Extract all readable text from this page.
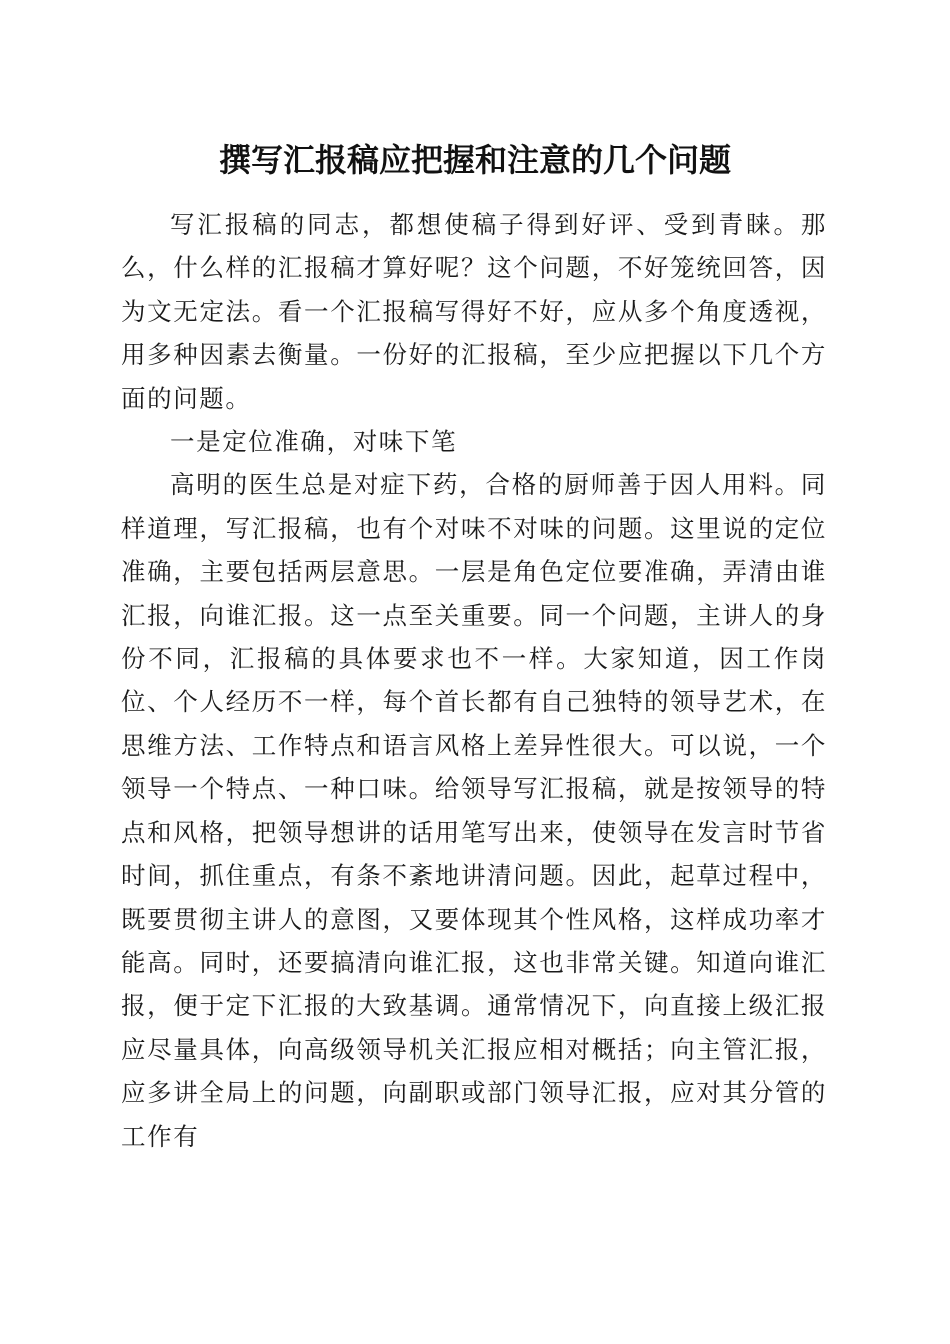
撰写汇报稿应把握和注意的几个问题

写汇报稿的同志，都想使稿子得到好评、受到青睐。那么，什么样的汇报稿才算好呢？这个问题，不好笼统回答，因为文无定法。看一个汇报稿写得好不好，应从多个角度透视，用多种因素去衡量。一份好的汇报稿，至少应把握以下几个方面的问题。

一是定位准确，对味下笔

高明的医生总是对症下药，合格的厨师善于因人用料。同样道理，写汇报稿，也有个对味不对味的问题。这里说的定位准确，主要包括两层意思。一层是角色定位要准确，弄清由谁汇报，向谁汇报。这一点至关重要。同一个问题，主讲人的身份不同，汇报稿的具体要求也不一样。大家知道，因工作岗位、个人经历不一样，每个首长都有自己独特的领导艺术，在思维方法、工作特点和语言风格上差异性很大。可以说，一个领导一个特点、一种口味。给领导写汇报稿，就是按领导的特点和风格，把领导想讲的话用笔写出来，使领导在发言时节省时间，抓住重点，有条不紊地讲清问题。因此，起草过程中，既要贯彻主讲人的意图，又要体现其个性风格，这样成功率才能高。同时，还要搞清向谁汇报，这也非常关键。知道向谁汇报，便于定下汇报的大致基调。通常情况下，向直接上级汇报应尽量具体，向高级领导机关汇报应相对概括；向主管汇报，应多讲全局上的问题，向副职或部门领导汇报，应对其分管的工作有
